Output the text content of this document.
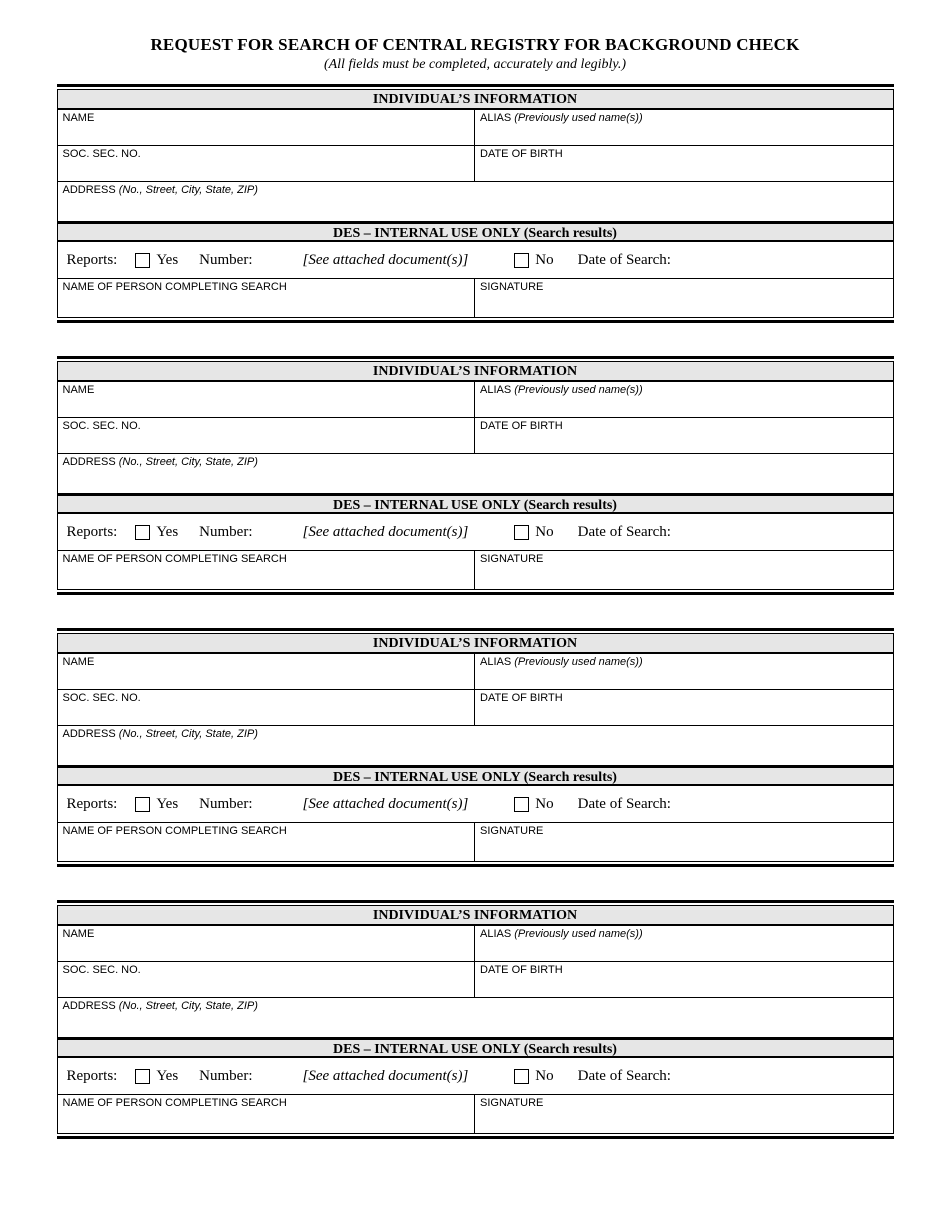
REQUEST FOR SEARCH OF CENTRAL REGISTRY FOR BACKGROUND CHECK
(All fields must be completed, accurately and legibly.)
INDIVIDUAL’S INFORMATION
NAME	ALIAS (Previously used name(s))
SOC. SEC. NO.	DATE OF BIRTH
ADDRESS (No., Street, City, State, ZIP)
DES – INTERNAL USE ONLY (Search results)
Reports:	Yes Number:	[See attached document(s)]	No Date of Search:
NAME OF PERSON COMPLETING SEARCH	SIGNATURE
INDIVIDUAL’S INFORMATION
NAME	ALIAS (Previously used name(s))
SOC. SEC. NO.	DATE OF BIRTH
ADDRESS (No., Street, City, State, ZIP)
DES – INTERNAL USE ONLY (Search results)
Reports:	Yes Number:	[See attached document(s)]	No Date of Search:
NAME OF PERSON COMPLETING SEARCH	SIGNATURE
INDIVIDUAL’S INFORMATION
NAME	ALIAS (Previously used name(s))
SOC. SEC. NO.	DATE OF BIRTH
ADDRESS (No., Street, City, State, ZIP)
DES – INTERNAL USE ONLY (Search results)
Reports:	Yes Number:	[See attached document(s)]	No Date of Search:
NAME OF PERSON COMPLETING SEARCH	SIGNATURE
INDIVIDUAL’S INFORMATION
NAME	ALIAS (Previously used name(s))
SOC. SEC. NO.	DATE OF BIRTH
ADDRESS (No., Street, City, State, ZIP)
DES – INTERNAL USE ONLY (Search results)
Reports:	Yes Number:	[See attached document(s)]	No Date of Search:
NAME OF PERSON COMPLETING SEARCH	SIGNATURE
